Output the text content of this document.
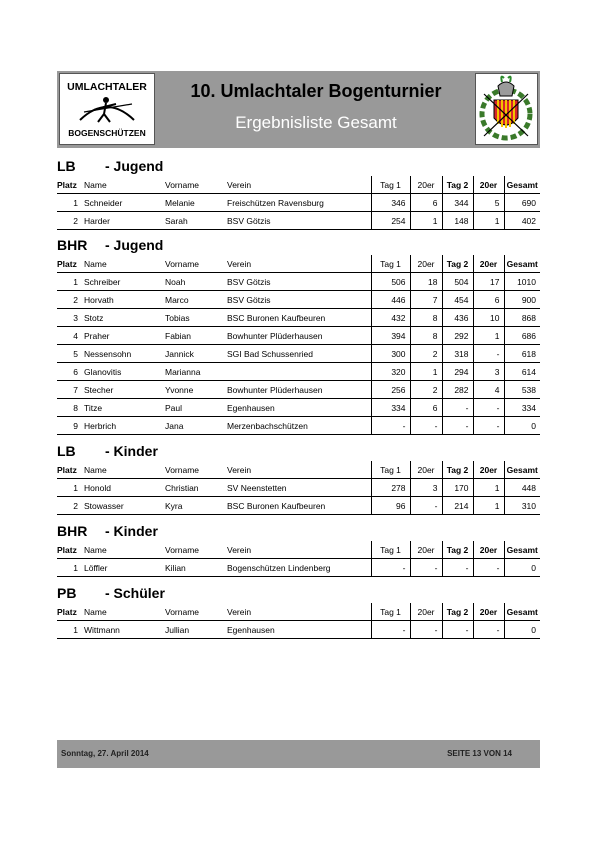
UMLACHTALER
BOGENSCHÜTZEN
10. Umlachtaler Bogenturnier
Ergebnisliste Gesamt
LB - Jugend
Platz	Name	Vorname	Verein	Tag 1	20er	Tag 2	20er	Gesamt
1	Schneider	Melanie	Freischützen Ravensburg	346	6	344	5	690
2	Harder	Sarah	BSV Götzis	254	1	148	1	402
BHR - Jugend
Platz	Name	Vorname	Verein	Tag 1	20er	Tag 2	20er	Gesamt
1	Schreiber	Noah	BSV Götzis	506	18	504	17	1010
2	Horvath	Marco	BSV Götzis	446	7	454	6	900
3	Stotz	Tobias	BSC Buronen Kaufbeuren	432	8	436	10	868
4	Praher	Fabian	Bowhunter Plüderhausen	394	8	292	1	686
5	Nessensohn	Jannick	SGI Bad Schussenried	300	2	318	-	618
6	Glanovitis	Marianna		320	1	294	3	614
7	Stecher	Yvonne	Bowhunter Plüderhausen	256	2	282	4	538
8	Titze	Paul	Egenhausen	334	6	-	-	334
9	Herbrich	Jana	Merzenbachschützen	-	-	-	-	0
LB - Kinder
Platz	Name	Vorname	Verein	Tag 1	20er	Tag 2	20er	Gesamt
1	Honold	Christian	SV Neenstetten	278	3	170	1	448
2	Stowasser	Kyra	BSC Buronen Kaufbeuren	96	-	214	1	310
BHR - Kinder
Platz	Name	Vorname	Verein	Tag 1	20er	Tag 2	20er	Gesamt
1	Löffler	Kilian	Bogenschützen Lindenberg	-	-	-	-	0
PB - Schüler
Platz	Name	Vorname	Verein	Tag 1	20er	Tag 2	20er	Gesamt
1	Wittmann	Jullian	Egenhausen	-	-	-	-	0
Sonntag, 27. April 2014	SEITE 13 VON 14
